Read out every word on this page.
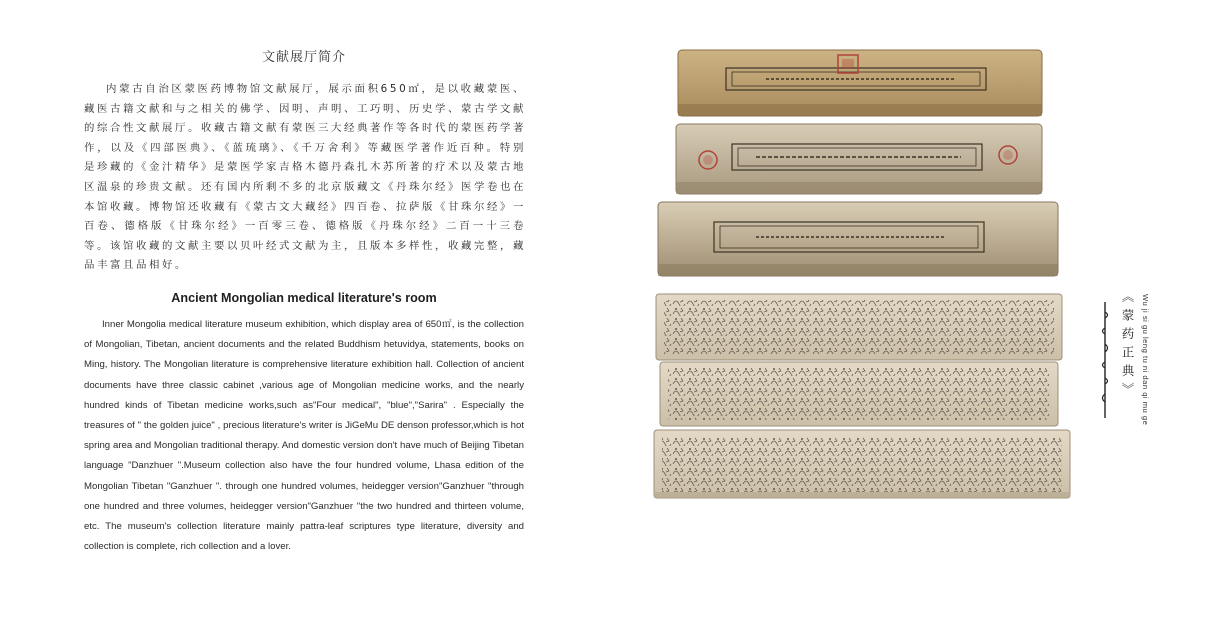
文献展厅简介

内蒙古自治区蒙医药博物馆文献展厅，展示面积650㎡，是以收藏蒙医、藏医古籍文献和与之相关的佛学、因明、声明、工巧明、历史学、蒙古学文献的综合性文献展厅。收藏古籍文献有蒙医三大经典著作等各时代的蒙医药学著作，以及《四部医典》、《蓝琉璃》、《千万舍利》等藏医学著作近百种。特别是珍藏的《金汁精华》是蒙医学家吉格木德丹森扎木苏所著的疗术以及蒙古地区温泉的珍贵文献。还有国内所剩不多的北京版藏文《丹珠尔经》医学卷也在本馆收藏。博物馆还收藏有《蒙古文大藏经》四百卷、拉萨版《甘珠尔经》一百卷、德格版《甘珠尔经》一百零三卷、德格版《丹珠尔经》二百一十三卷等。该馆收藏的文献主要以贝叶经式文献为主，且版本多样性，收藏完整，藏品丰富且品相好。

Ancient Mongolian medical literature's room

Inner Mongolia medical literature museum exhibition, which display area of 650㎡, is the collection of Mongolian, Tibetan, ancient documents and the related Buddhism hetuvidya, statements, books on Ming, history. The Mongolian literature is comprehensive literature exhibition hall. Collection of ancient documents have three classic cabinet ,various age of Mongolian medicine works, and the nearly hundred kinds of Tibetan medicine works,such as"Four medical", "blue","Sarira" . Especially the treasures of " the golden juice" , precious literature's writer is JiGeMu DE denson professor,which is hot spring area and Mongolian traditional therapy. And domestic version don't have much of Beijing Tibetan language "Danzhuer ".Museum collection also have the four hundred volume, Lhasa edition of the Mongolian Tibetan "Ganzhuer ". through one hundred volumes, heidegger version"Ganzhuer "through one hundred and three volumes, heidegger version"Ganzhuer "the two hundred and thirteen volume, etc. The museum's collection literature mainly pattra-leaf scriptures type literature, diversity and collection is complete, rich collection and a lover.

《蒙药正典》 Wu ji si gu leng tu ni dan qi mu ge
